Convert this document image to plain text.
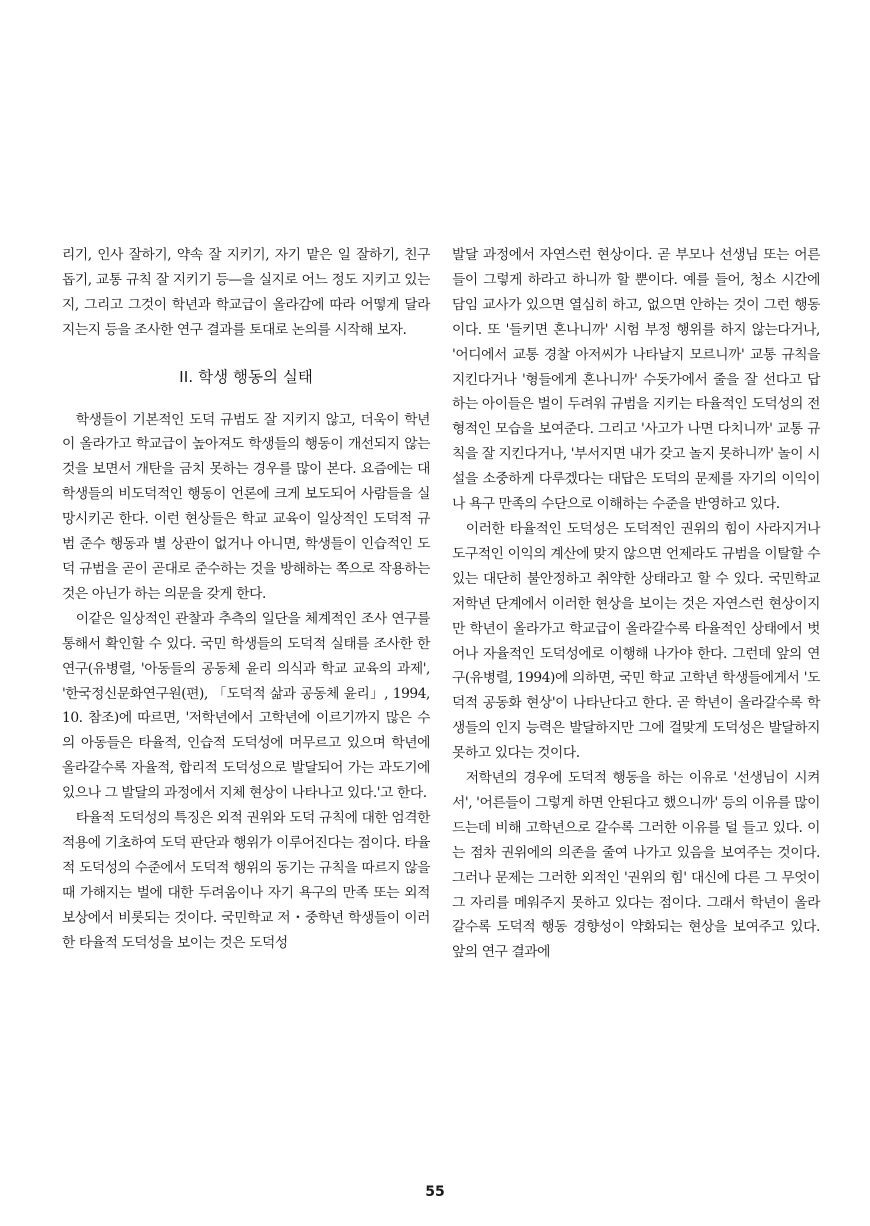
리기, 인사 잘하기, 약속 잘 지키기, 자기 맡은 일 잘하기, 친구 돕기, 교통 규칙 잘 지키기 등—을 실지로 어느 정도 지키고 있는지, 그리고 그것이 학년과 학교급이 올라감에 따라 어떻게 달라지는지 등을 조사한 연구 결과를 토대로 논의를 시작해 보자.

II. 학생 행동의 실태

학생들이 기본적인 도덕 규범도 잘 지키지 않고, 더욱이 학년이 올라가고 학교급이 높아져도 학생들의 행동이 개선되지 않는 것을 보면서 개탄을 금치 못하는 경우를 많이 본다. 요즘에는 대학생들의 비도덕적인 행동이 언론에 크게 보도되어 사람들을 실망시키곤 한다. 이런 현상들은 학교 교육이 일상적인 도덕적 규범 준수 행동과 별 상관이 없거나 아니면, 학생들이 인습적인 도덕 규범을 곧이 곧대로 준수하는 것을 방해하는 쪽으로 작용하는 것은 아닌가 하는 의문을 갖게 한다.

이같은 일상적인 관찰과 추측의 일단을 체계적인 조사 연구를 통해서 확인할 수 있다. 국민 학생들의 도덕적 실태를 조사한 한 연구(유병렬, '아동들의 공동체 윤리 의식과 학교 교육의 과제', '한국정신문화연구원(편), 「도덕적 삶과 공동체 윤리」, 1994, 10. 참조)에 따르면, '저학년에서 고학년에 이르기까지 많은 수의 아동들은 타율적, 인습적 도덕성에 머무르고 있으며 학년에 올라갈수록 자율적, 합리적 도덕성으로 발달되어 가는 과도기에 있으나 그 발달의 과정에서 지체 현상이 나타나고 있다.'고 한다.

타율적 도덕성의 특징은 외적 권위와 도덕 규칙에 대한 엄격한 적용에 기초하여 도덕 판단과 행위가 이루어진다는 점이다. 타율적 도덕성의 수준에서 도덕적 행위의 동기는 규칙을 따르지 않을 때 가해지는 벌에 대한 두려움이나 자기 욕구의 만족 또는 외적 보상에서 비롯되는 것이다. 국민학교 저・중학년 학생들이 이러한 타율적 도덕성을 보이는 것은 도덕성

발달 과정에서 자연스런 현상이다. 곧 부모나 선생님 또는 어른들이 그렇게 하라고 하니까 할 뿐이다. 예를 들어, 청소 시간에 담임 교사가 있으면 열심히 하고, 없으면 안하는 것이 그런 행동이다. 또 '들키면 혼나니까' 시험 부정 행위를 하지 않는다거나, '어디에서 교통 경찰 아저씨가 나타날지 모르니까' 교통 규칙을 지킨다거나 '형들에게 혼나니까' 수돗가에서 줄을 잘 선다고 답하는 아이들은 벌이 두려워 규범을 지키는 타율적인 도덕성의 전형적인 모습을 보여준다. 그리고 '사고가 나면 다치니까' 교통 규칙을 잘 지킨다거나, '부서지면 내가 갖고 놀지 못하니까' 놀이 시설을 소중하게 다루겠다는 대답은 도덕의 문제를 자기의 이익이나 욕구 만족의 수단으로 이해하는 수준을 반영하고 있다.

이러한 타율적인 도덕성은 도덕적인 권위의 힘이 사라지거나 도구적인 이익의 계산에 맞지 않으면 언제라도 규범을 이탈할 수 있는 대단히 불안정하고 취약한 상태라고 할 수 있다. 국민학교 저학년 단계에서 이러한 현상을 보이는 것은 자연스런 현상이지만 학년이 올라가고 학교급이 올라갈수록 타율적인 상태에서 벗어나 자율적인 도덕성에로 이행해 나가야 한다. 그런데 앞의 연구(유병렬, 1994)에 의하면, 국민 학교 고학년 학생들에게서 '도덕적 공동화 현상'이 나타난다고 한다. 곧 학년이 올라갈수록 학생들의 인지 능력은 발달하지만 그에 걸맞게 도덕성은 발달하지 못하고 있다는 것이다.

저학년의 경우에 도덕적 행동을 하는 이유로 '선생님이 시켜서', '어른들이 그렇게 하면 안된다고 했으니까' 등의 이유를 많이 드는데 비해 고학년으로 갈수록 그러한 이유를 덜 들고 있다. 이는 점차 권위에의 의존을 줄여 나가고 있음을 보여주는 것이다. 그러나 문제는 그러한 외적인 '권위의 힘' 대신에 다른 그 무엇이 그 자리를 메워주지 못하고 있다는 점이다. 그래서 학년이 올라갈수록 도덕적 행동 경향성이 약화되는 현상을 보여주고 있다. 앞의 연구 결과에

55
